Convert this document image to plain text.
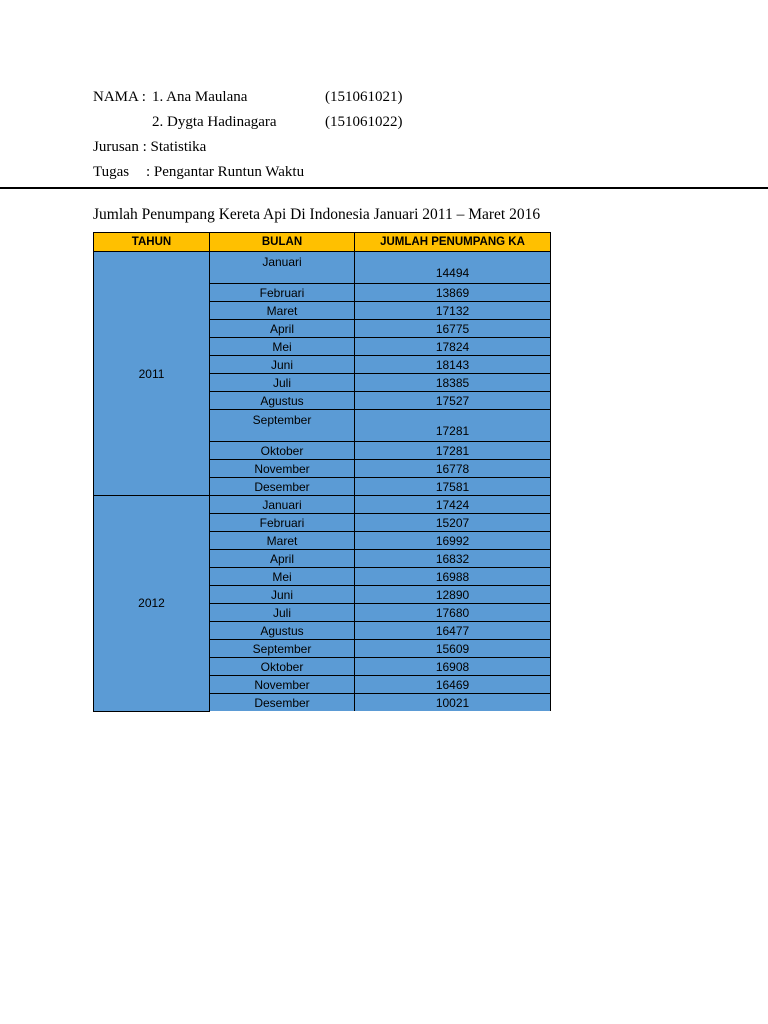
NAMA : 1. Ana Maulana	(151061021)
2. Dygta Hadinagara	(151061022)
Jurusan : Statistika
Tugas : Pengantar Runtun Waktu
Jumlah Penumpang Kereta Api Di Indonesia Januari 2011 – Maret 2016
TAHUN	BULAN	JUMLAH PENUMPANG KA
2011	Januari	14494
	Februari	13869
	Maret	17132
	April	16775
	Mei	17824
	Juni	18143
	Juli	18385
	Agustus	17527
	September	17281
	Oktober	17281
	November	16778
	Desember	17581
2012	Januari	17424
	Februari	15207
	Maret	16992
	April	16832
	Mei	16988
	Juni	12890
	Juli	17680
	Agustus	16477
	September	15609
	Oktober	16908
	November	16469
	Desember	10021
